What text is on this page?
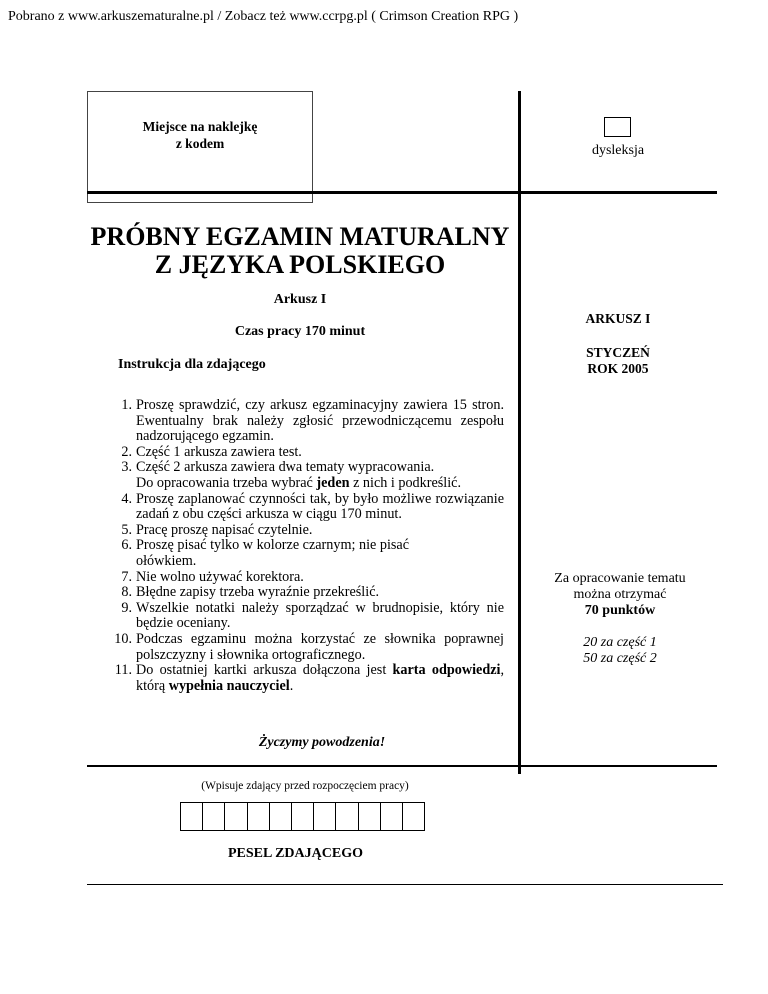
Pobrano z www.arkuszematuralne.pl / Zobacz też www.ccrpg.pl ( Crimson Creation RPG )
Miejsce na naklejkę
z kodem	dysleksja
PRÓBNY EGZAMIN MATURALNY
Z JĘZYKA POLSKIEGO
Arkusz I
Czas pracy 170 minut
Instrukcja dla zdającego
1. Proszę sprawdzić, czy arkusz egzaminacyjny zawiera 15 stron. Ewentualny brak należy zgłosić przewodniczącemu zespołu nadzorującego egzamin.
2. Część 1 arkusza zawiera test.
3. Część 2 arkusza zawiera dwa tematy wypracowania.
Do opracowania trzeba wybrać jeden z nich i podkreślić.
4. Proszę zaplanować czynności tak, by było możliwe rozwiązanie zadań z obu części arkusza w ciągu 170 minut.
5. Pracę proszę napisać czytelnie.
6. Proszę pisać tylko w kolorze czarnym; nie pisać
ołówkiem.
7. Nie wolno używać korektora.
8. Błędne zapisy trzeba wyraźnie przekreślić.
9. Wszelkie notatki należy sporządzać w brudnopisie, który nie będzie oceniany.
10. Podczas egzaminu można korzystać ze słownika poprawnej polszczyzny i słownika ortograficznego.
11. Do ostatniej kartki arkusza dołączona jest karta odpowiedzi, którą wypełnia nauczyciel.
Życzymy powodzenia!
ARKUSZ I
STYCZEŃ
ROK 2005
Za opracowanie tematu
można otrzymać
70 punktów
20 za część 1
50 za część 2
(Wpisuje zdający przed rozpoczęciem pracy)
PESEL ZDAJĄCEGO
